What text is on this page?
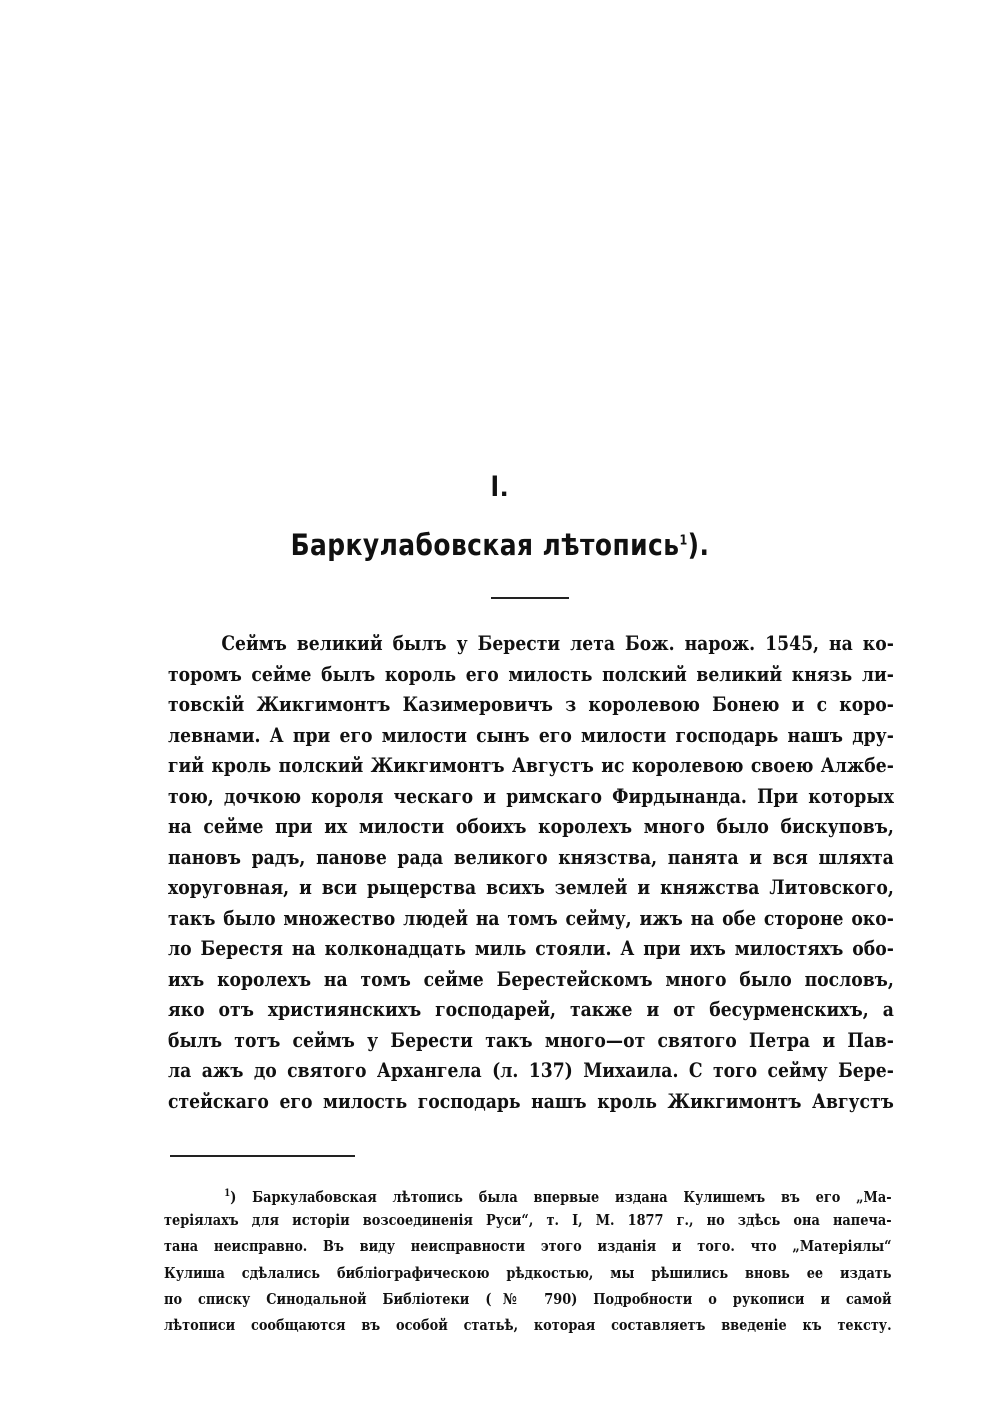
I.
Баркулабовская лѣтопись$^1$).
Сеймъ великий былъ у Берести лета Бож. нарож. 1545, на ко-
торомъ сейме былъ король его милость полский великий князь ли-
товскій Жикгимонтъ Казимеровичъ з королевою Бонею и с коро-
левнами. А при его милости сынъ его милости господарь нашъ дру-
гий кроль полский Жикгимонтъ Августъ ис королевою своею Алжбе-
тою, дочкою короля ческаго и римскаго Фирдынанда. При которых
на сейме при их милости обоихъ королехъ много было бискуповъ,
пановъ радъ, панове рада великого князства, панята и вся шляхта
хоруговная, и вси рыцерства всихъ землей и княжства Литовского,
такъ было множество людей на томъ сейму, ижъ на обе стороне око-
ло Берестя на колконадцать миль стояли. А при ихъ милостяхъ обо-
ихъ королехъ на томъ сейме Берестейскомъ много было пословъ,
яко отъ християнскихъ господарей, также и от бесурменскихъ, а
былъ тотъ сеймъ у Берести такъ много—от святого Петра и Пав-
ла ажъ до святого Архангела (л. 137) Михаила. С того сейму Бере-
стейскаго его милость господарь нашъ кроль Жикгимонтъ Августъ
$^1$) Баркулабовская лѣтопись была впервые издана Кулишемъ въ его „Ма-
теріялахъ для исторіи возсоединенія Руси“, т. I, М. 1877 г., но здѣсь она напеча-
тана неисправно. Въ виду неисправности этого изданія и того. что „Матеріялы“
Кулиша сдѣлались библіографическою рѣдкостью, мы рѣшились вновь ее издать
по списку Синодальной Библіотеки (№ 790) Подробности о рукописи и самой
лѣтописи сообщаются въ особой статьѣ, которая составляетъ введеніе къ тексту.
